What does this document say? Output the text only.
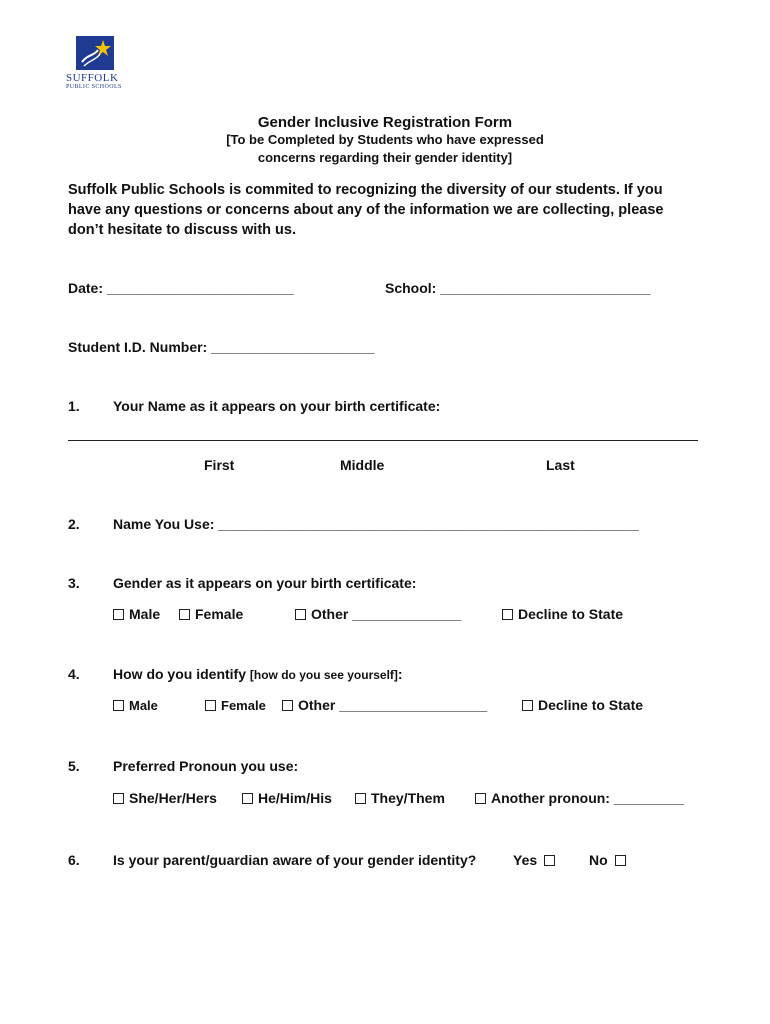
SUFFOLK
PUBLIC SCHOOLS
Gender Inclusive Registration Form
[To be Completed by Students who have expressed
concerns regarding their gender identity]
Suffolk Public Schools is commited to recognizing the diversity of our students. If you
have any questions or concerns about any of the information we are collecting, please
don’t hesitate to discuss with us.
Date: ________________________	School: ___________________________
Student I.D. Number: _____________________
1. Your Name as it appears on your birth certificate:
First	Middle	Last
2. Name You Use: ______________________________________________________
3. Gender as it appears on your birth certificate:
Male	Female	Other ______________	Decline to State
4. How do you identify [how do you see yourself]:
Male	Female	Other ___________________	Decline to State
5. Preferred Pronoun you use:
She/Her/Hers	He/Him/His	They/Them	Another pronoun: _________
6. Is your parent/guardian aware of your gender identity?	Yes	No
